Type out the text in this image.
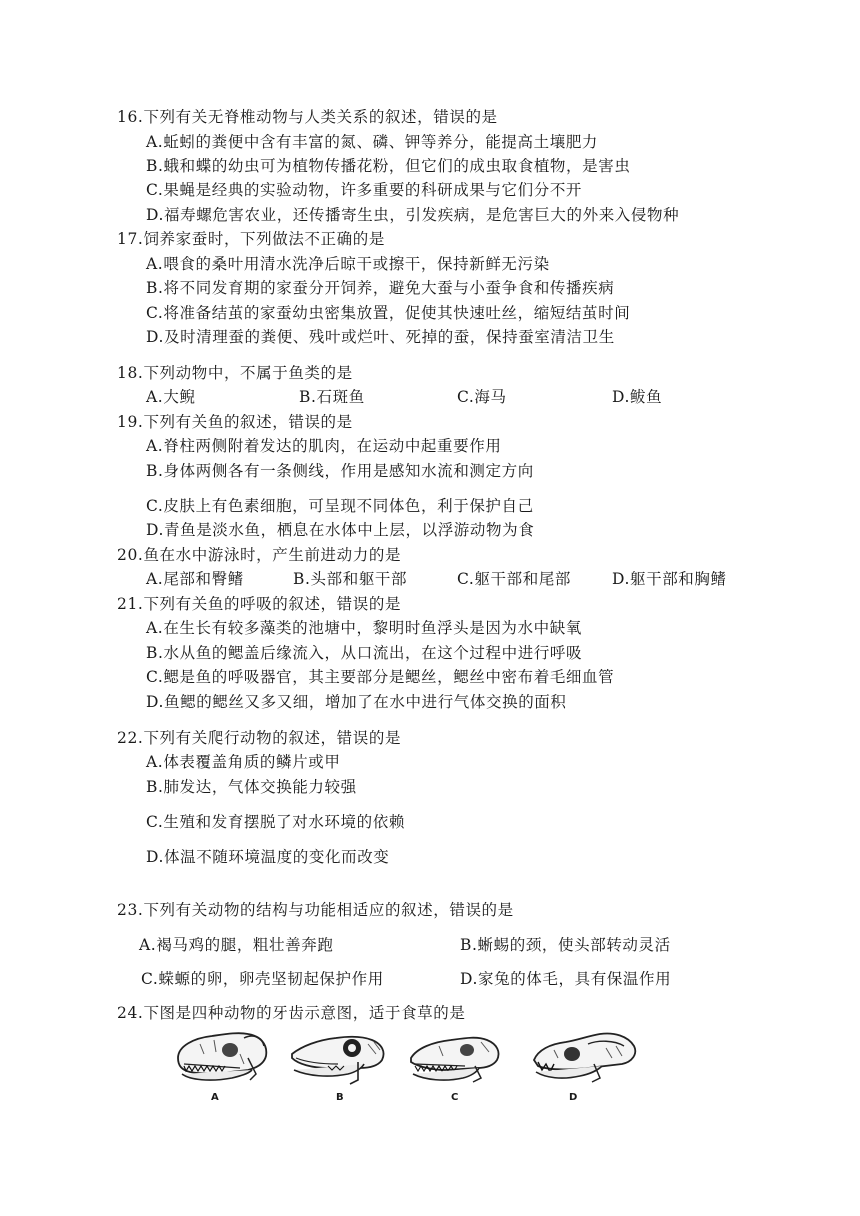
16.下列有关无脊椎动物与人类关系的叙述，错误的是
A.蚯蚓的粪便中含有丰富的氮、磷、钾等养分，能提高土壤肥力
B.蛾和蝶的幼虫可为植物传播花粉，但它们的成虫取食植物，是害虫
C.果蝇是经典的实验动物，许多重要的科研成果与它们分不开
D.福寿螺危害农业，还传播寄生虫，引发疾病，是危害巨大的外来入侵物种
17.饲养家蚕时，下列做法不正确的是
A.喂食的桑叶用清水洗净后晾干或擦干，保持新鲜无污染
B.将不同发育期的家蚕分开饲养，避免大蚕与小蚕争食和传播疾病
C.将准备结茧的家蚕幼虫密集放置，促使其快速吐丝，缩短结茧时间
D.及时清理蚕的粪便、残叶或烂叶、死掉的蚕，保持蚕室清洁卫生
18.下列动物中，不属于鱼类的是
A.大鲵	B.石斑鱼	C.海马	D.鲅鱼
19.下列有关鱼的叙述，错误的是
A.脊柱两侧附着发达的肌肉，在运动中起重要作用
B.身体两侧各有一条侧线，作用是感知水流和测定方向
C.皮肤上有色素细胞，可呈现不同体色，利于保护自己
D.青鱼是淡水鱼，栖息在水体中上层，以浮游动物为食
20.鱼在水中游泳时，产生前进动力的是
A.尾部和臀鳍	B.头部和躯干部	C.躯干部和尾部	D.躯干部和胸鳍
21.下列有关鱼的呼吸的叙述，错误的是
A.在生长有较多藻类的池塘中，黎明时鱼浮头是因为水中缺氧
B.水从鱼的鳃盖后缘流入，从口流出，在这个过程中进行呼吸
C.鳃是鱼的呼吸器官，其主要部分是鳃丝，鳃丝中密布着毛细血管
D.鱼鳃的鳃丝又多又细，增加了在水中进行气体交换的面积
22.下列有关爬行动物的叙述，错误的是
A.体表覆盖角质的鳞片或甲
B.肺发达，气体交换能力较强
C.生殖和发育摆脱了对水环境的依赖
D.体温不随环境温度的变化而改变
23.下列有关动物的结构与功能相适应的叙述，错误的是
A.褐马鸡的腿，粗壮善奔跑	B.蜥蜴的颈，使头部转动灵活
C.蝾螈的卵，卵壳坚韧起保护作用	D.家兔的体毛，具有保温作用
24.下图是四种动物的牙齿示意图，适于食草的是
A	B	C	D
